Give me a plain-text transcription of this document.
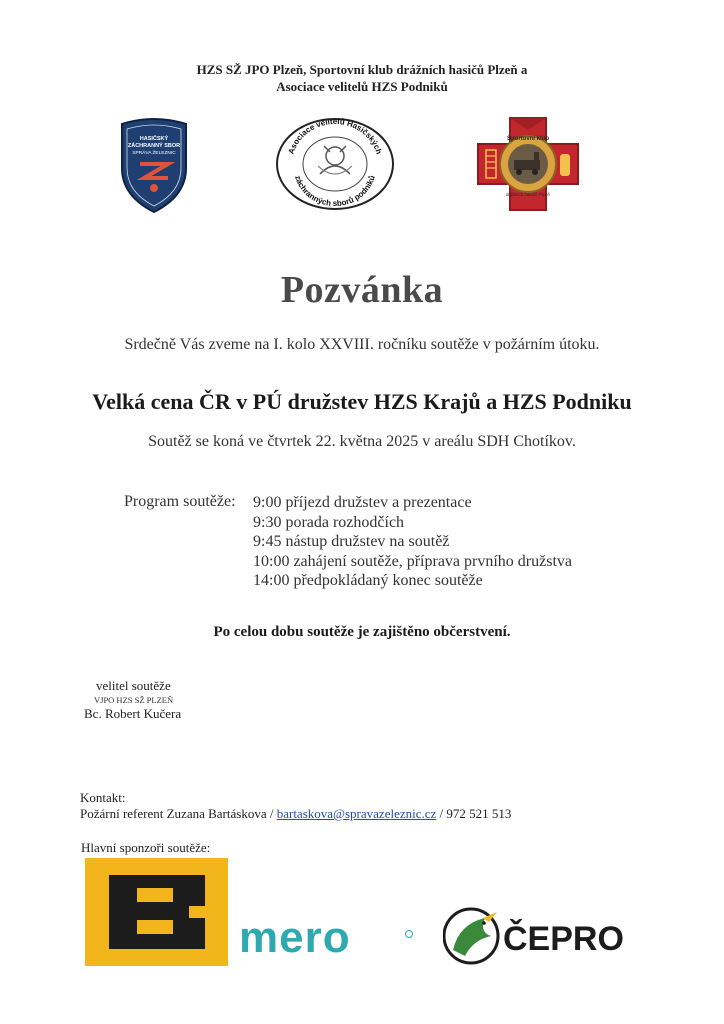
HZS SŽ JPO Plzeň, Sportovní klub drážních hasičů Plzeň a
Asociace velitelů HZS Podniků
HASIČSKÝ
ZÁCHRANNÝ SBOR
SPRÁVA ŽELEZNIC	Asociace velitelů Hasičských
záchranných sborů podniků
Sportovní klub
drážních hasičů Plzeň
Pozvánka
Srdečně Vás zveme na I. kolo XXVIII. ročníku soutěže v požárním útoku.
Velká cena ČR v PÚ družstev HZS Krajů a HZS Podniku
Soutěž se koná ve čtvrtek 22. května 2025 v areálu SDH Chotíkov.
Program soutěže: 9:00 příjezd družstev a prezentace
9:30 porada rozhodčích
9:45 nástup družstev na soutěž
10:00 zahájení soutěže, příprava prvního družstva
14:00 předpokládaný konec soutěže
Po celou dobu soutěže je zajištěno občerstvení.
velitel soutěže
VJPO HZS SŽ PLZEŇ
Bc. Robert Kučera
Kontakt:
Požární referent Zuzana Bartáskova / bartaskova@spravazeleznic.cz / 972 521 513
Hlavní sponzoři soutěže:
mero	ČEPRO
